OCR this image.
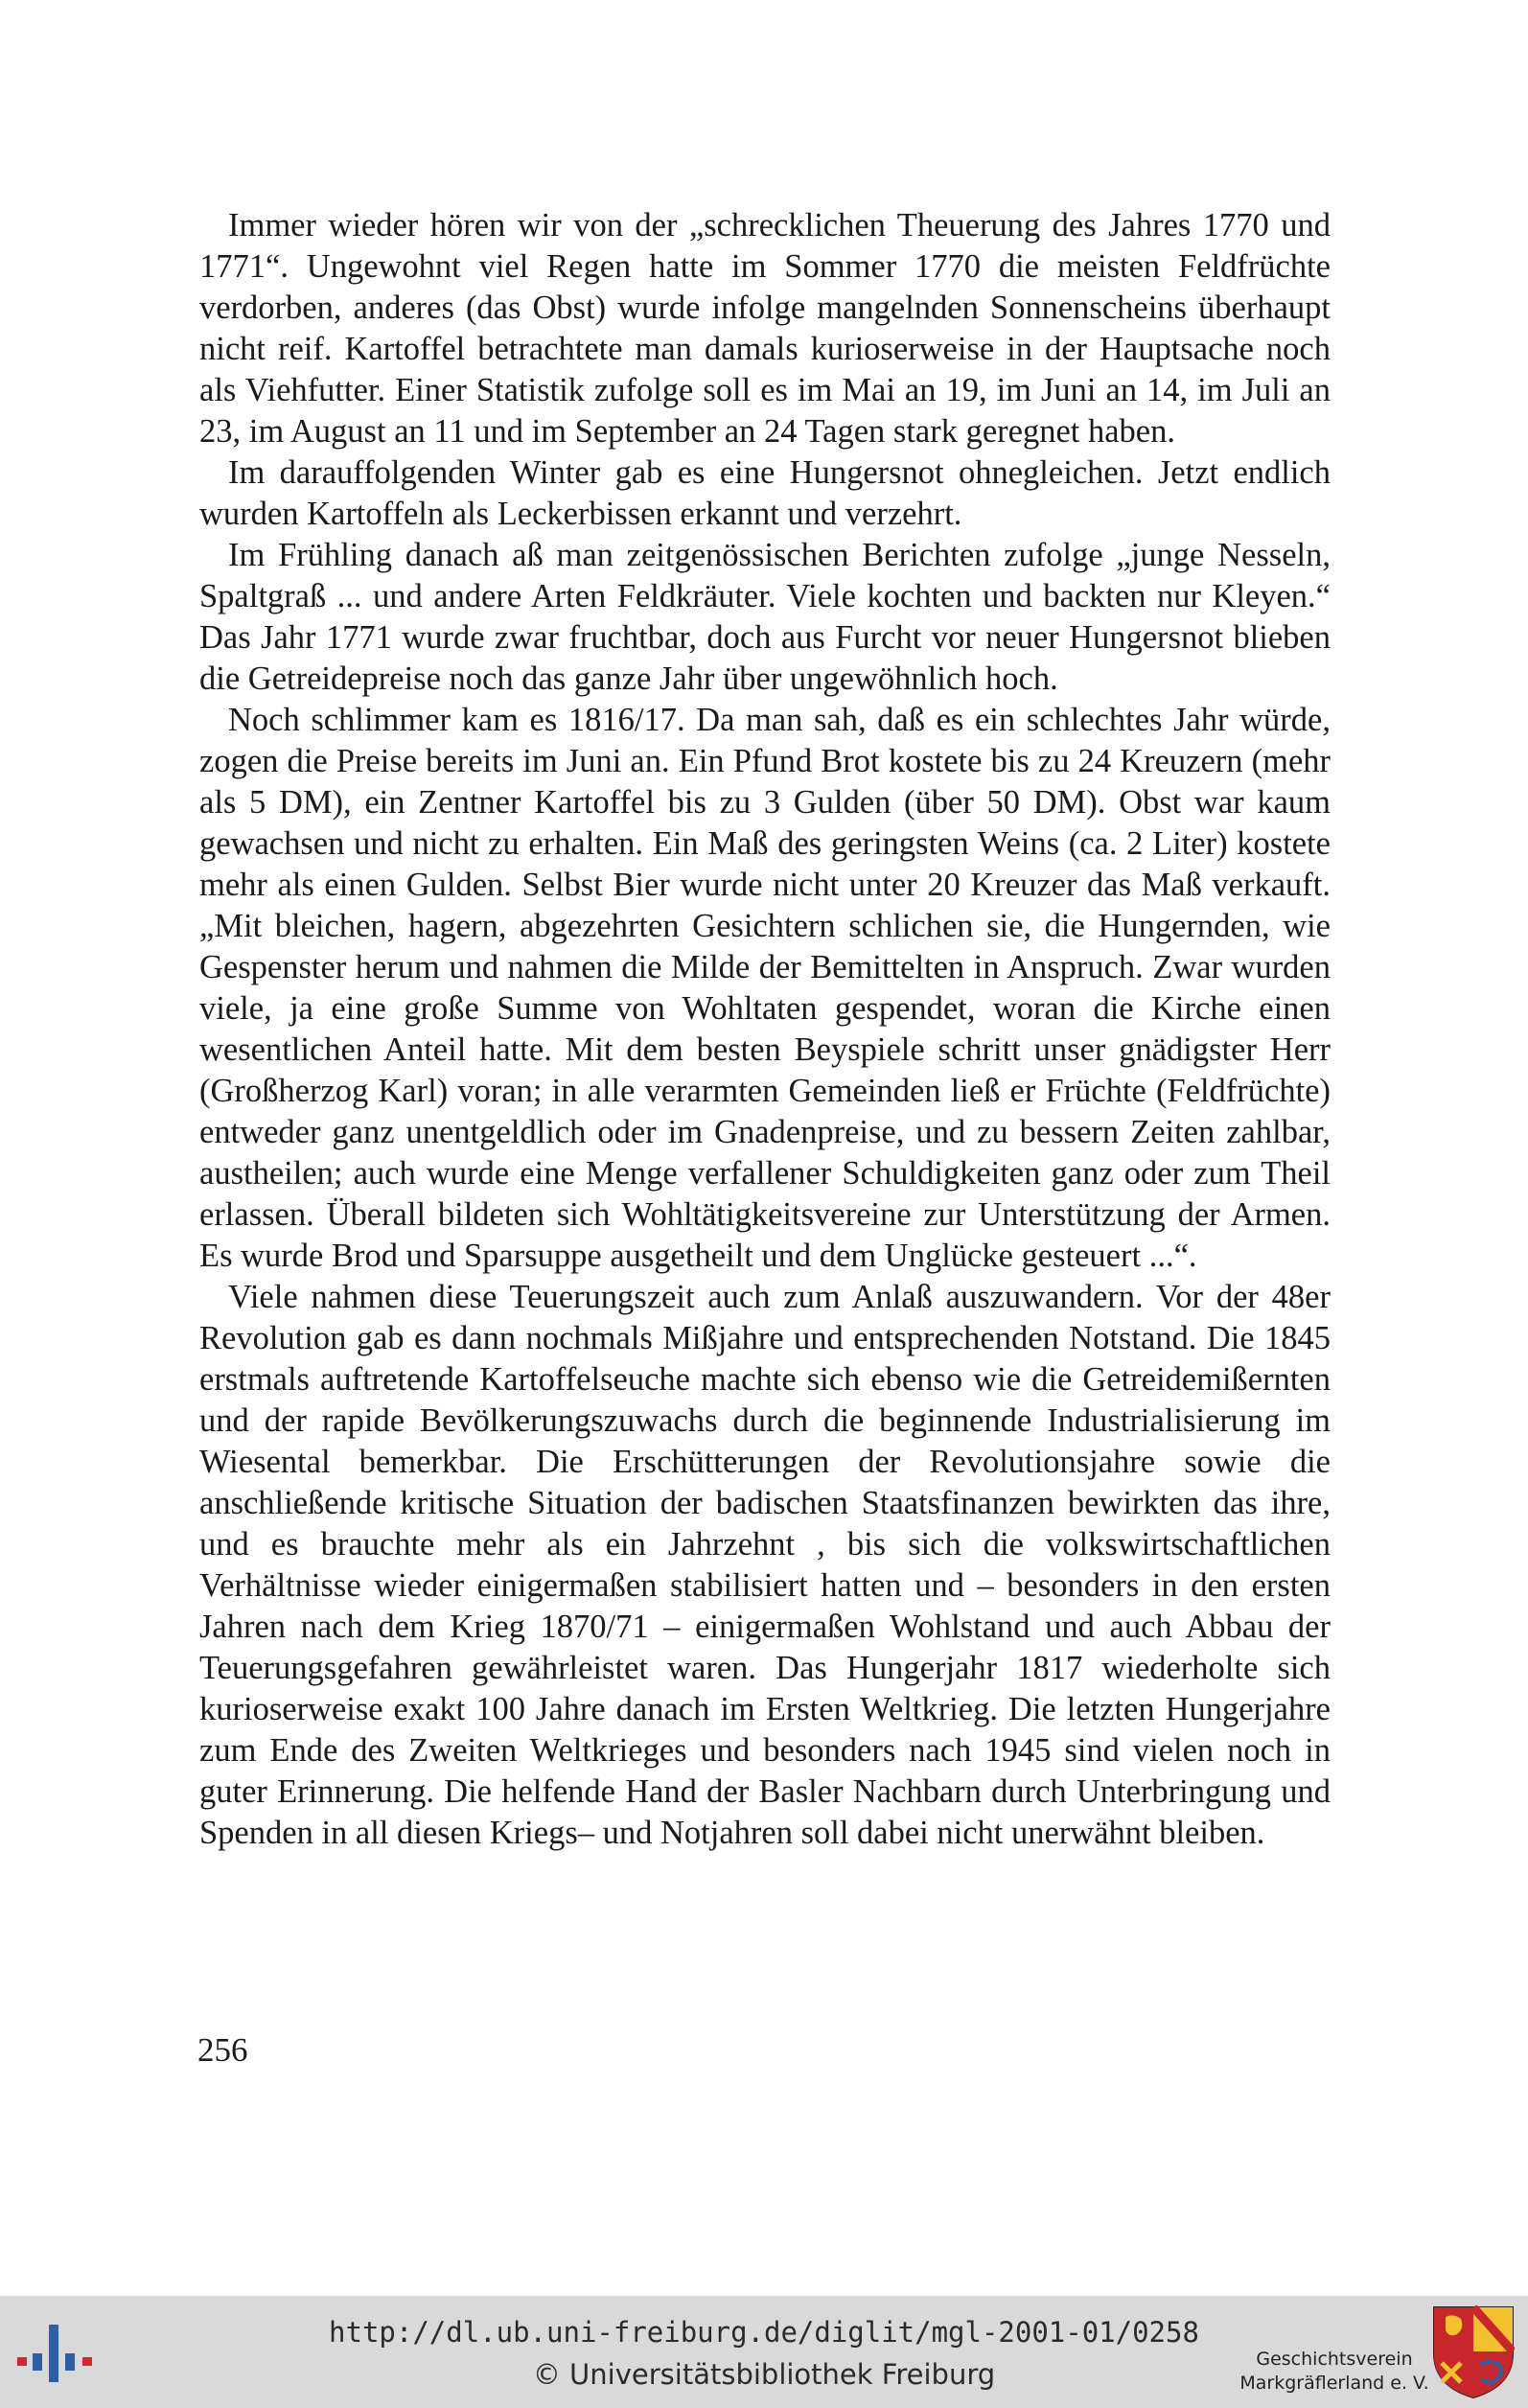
Immer wieder hören wir von der „schrecklichen Theuerung des Jahres 1770 und 1771“. Ungewohnt viel Regen hatte im Sommer 1770 die meisten Feldfrüchte verdorben, anderes (das Obst) wurde infolge mangelnden Sonnenscheins überhaupt nicht reif. Kartoffel betrachtete man damals kurioserweise in der Hauptsache noch als Viehfutter. Einer Statistik zufolge soll es im Mai an 19, im Juni an 14, im Juli an 23, im August an 11 und im September an 24 Tagen stark geregnet haben.

Im darauffolgenden Winter gab es eine Hungersnot ohnegleichen. Jetzt endlich wurden Kartoffeln als Leckerbissen erkannt und verzehrt.

Im Frühling danach aß man zeitgenössischen Berichten zufolge „junge Nesseln, Spaltgraß ... und andere Arten Feldkräuter. Viele kochten und backten nur Kleyen.“ Das Jahr 1771 wurde zwar fruchtbar, doch aus Furcht vor neuer Hungersnot blieben die Getreidepreise noch das ganze Jahr über ungewöhnlich hoch.

Noch schlimmer kam es 1816/17. Da man sah, daß es ein schlechtes Jahr würde, zogen die Preise bereits im Juni an. Ein Pfund Brot kostete bis zu 24 Kreuzern (mehr als 5 DM), ein Zentner Kartoffel bis zu 3 Gulden (über 50 DM). Obst war kaum gewachsen und nicht zu erhalten. Ein Maß des geringsten Weins (ca. 2 Liter) kostete mehr als einen Gulden. Selbst Bier wurde nicht unter 20 Kreuzer das Maß verkauft. „Mit bleichen, hagern, abgezehrten Gesichtern schlichen sie, die Hungernden, wie Gespenster herum und nahmen die Milde der Bemittelten in Anspruch. Zwar wurden viele, ja eine große Summe von Wohltaten gespendet, woran die Kirche einen wesentlichen Anteil hatte. Mit dem besten Beyspiele schritt unser gnädigster Herr (Großherzog Karl) voran; in alle verarmten Gemeinden ließ er Früchte (Feldfrüchte) entweder ganz unentgeldlich oder im Gnadenpreise, und zu bessern Zeiten zahlbar, austheilen; auch wurde eine Menge verfallener Schuldigkeiten ganz oder zum Theil erlassen. Überall bildeten sich Wohltätigkeitsvereine zur Unterstützung der Armen. Es wurde Brod und Sparsuppe ausgetheilt und dem Unglücke gesteuert ...“.

Viele nahmen diese Teuerungszeit auch zum Anlaß auszuwandern. Vor der 48er Revolution gab es dann nochmals Mißjahre und entsprechenden Notstand. Die 1845 erstmals auftretende Kartoffelseuche machte sich ebenso wie die Getreidemißernten und der rapide Bevölkerungszuwachs durch die beginnende Industrialisierung im Wiesental bemerkbar. Die Erschütterungen der Revolutionsjahre sowie die anschließende kritische Situation der badischen Staatsfinanzen bewirkten das ihre, und es brauchte mehr als ein Jahrzehnt , bis sich die volkswirtschaftlichen Verhältnisse wieder einigermaßen stabilisiert hatten und – besonders in den ersten Jahren nach dem Krieg 1870/71 – einigermaßen Wohlstand und auch Abbau der Teuerungsgefahren gewährleistet waren. Das Hungerjahr 1817 wiederholte sich kurioserweise exakt 100 Jahre danach im Ersten Weltkrieg. Die letzten Hungerjahre zum Ende des Zweiten Weltkrieges und besonders nach 1945 sind vielen noch in guter Erinnerung. Die helfende Hand der Basler Nachbarn durch Unterbringung und Spenden in all diesen Kriegs– und Notjahren soll dabei nicht unerwähnt bleiben.

256
http://dl.ub.uni-freiburg.de/diglit/mgl-2001-01/0258
© Universitätsbibliothek Freiburg	Geschichtsverein
Markgräflerland e. V.
